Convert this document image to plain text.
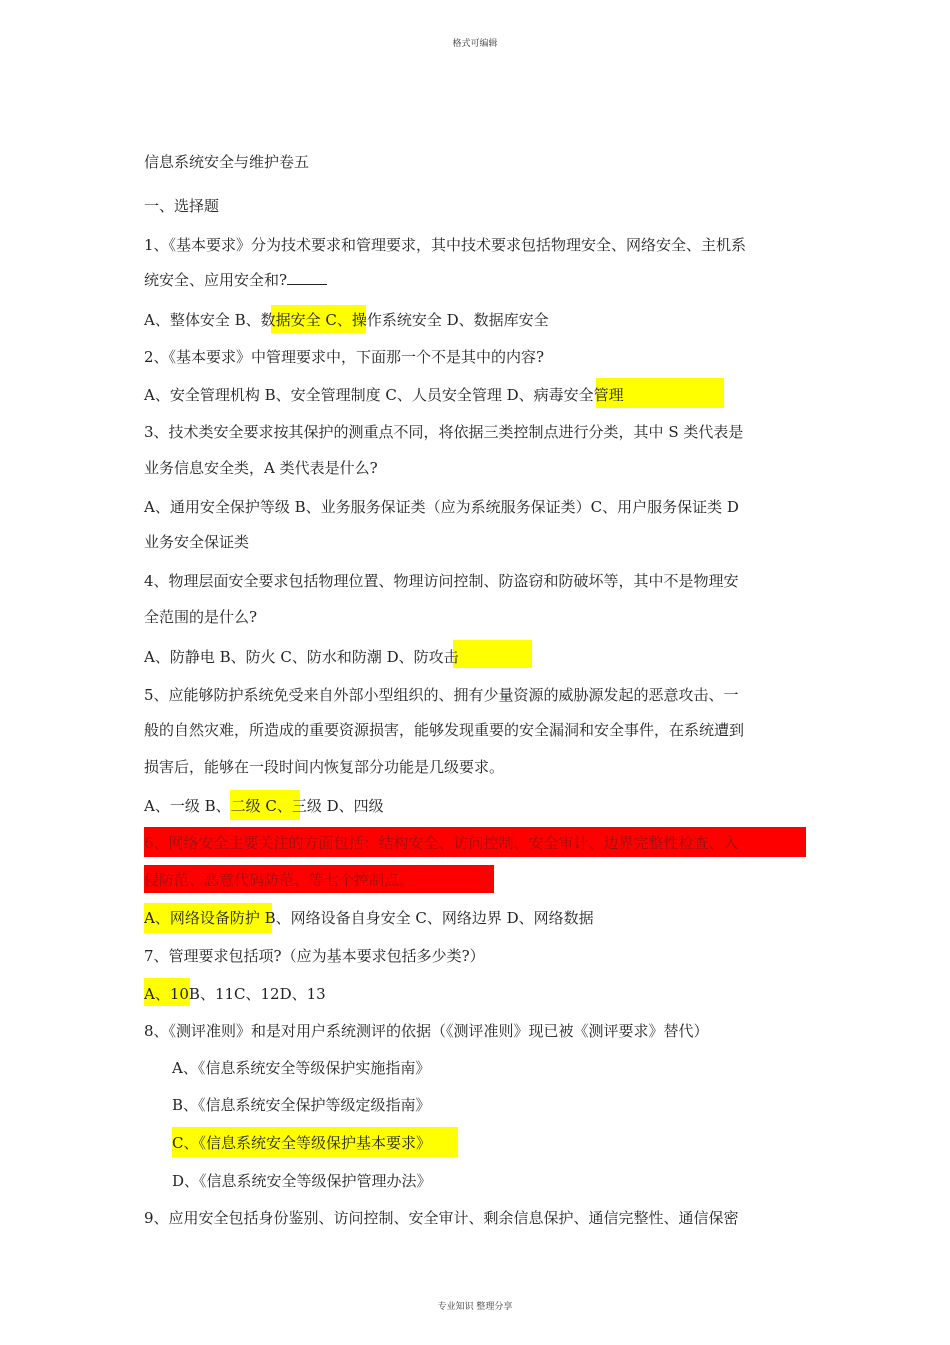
格式可编辑
信息系统安全与维护卷五
一、选择题
1、《基本要求》分为技术要求和管理要求，其中技术要求包括物理安全、网络安全、主机系
统安全、应用安全和?
A、整体安全 B、数据安全 C、操作系统安全 D、数据库安全
2、《基本要求》中管理要求中，下面那一个不是其中的内容?
A、安全管理机构 B、安全管理制度 C、人员安全管理 D、病毒安全管理
3、技术类安全要求按其保护的测重点不同，将依据三类控制点进行分类，其中 S 类代表是
业务信息安全类，A 类代表是什么?
A、通用安全保护等级 B、业务服务保证类（应为系统服务保证类）C、用户服务保证类 D
业务安全保证类
4、物理层面安全要求包括物理位置、物理访问控制、防盗窃和防破坏等，其中不是物理安
全范围的是什么?
A、防静电 B、防火 C、防水和防潮 D、防攻击
5、应能够防护系统免受来自外部小型组织的、拥有少量资源的威胁源发起的恶意攻击、一
般的自然灾难，所造成的重要资源损害，能够发现重要的安全漏洞和安全事件，在系统遭到
损害后，能够在一段时间内恢复部分功能是几级要求。
A、一级 B、二级 C、三级 D、四级
6、网络安全主要关注的方面包括：结构安全、访问控制、安全审计、边界完整性检查、入
侵防范、恶意代码防范、等七个控制点。
A、网络设备防护 B、网络设备自身安全 C、网络边界 D、网络数据
7、管理要求包括项?（应为基本要求包括多少类?）
A、10B、11C、12D、13
8、《测评准则》和是对用户系统测评的依据（《测评准则》现已被《测评要求》替代）
A、《信息系统安全等级保护实施指南》
B、《信息系统安全保护等级定级指南》
C、《信息系统安全等级保护基本要求》
D、《信息系统安全等级保护管理办法》
9、应用安全包括身份鉴别、访问控制、安全审计、剩余信息保护、通信完整性、通信保密
专业知识 整理分享
